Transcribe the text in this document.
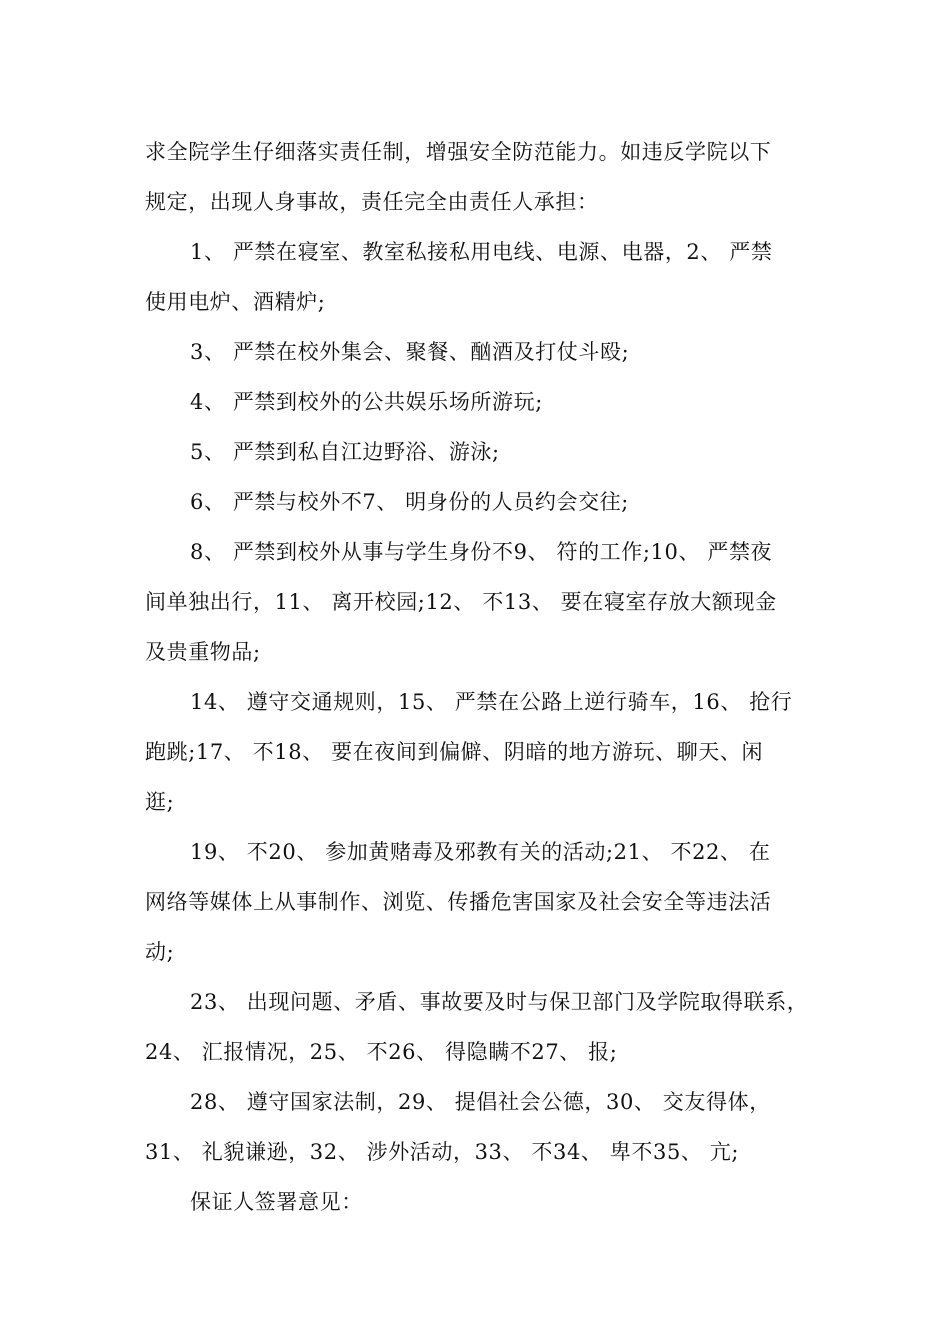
求全院学生仔细落实责任制，增强安全防范能力。如违反学院以下
规定，出现人身事故，责任完全由责任人承担：
1、 严禁在寝室、教室私接私用电线、电源、电器，2、 严禁
使用电炉、酒精炉;
3、 严禁在校外集会、聚餐、酗酒及打仗斗殴;
4、 严禁到校外的公共娱乐场所游玩;
5、 严禁到私自江边野浴、游泳;
6、 严禁与校外不7、 明身份的人员约会交往;
8、 严禁到校外从事与学生身份不9、 符的工作;10、 严禁夜
间单独出行，11、 离开校园;12、 不13、 要在寝室存放大额现金
及贵重物品;
14、 遵守交通规则，15、 严禁在公路上逆行骑车，16、 抢行
跑跳;17、 不18、 要在夜间到偏僻、阴暗的地方游玩、聊天、闲
逛;
19、 不20、 参加黄赌毒及邪教有关的活动;21、 不22、 在
网络等媒体上从事制作、浏览、传播危害国家及社会安全等违法活
动;
23、 出现问题、矛盾、事故要及时与保卫部门及学院取得联系，
24、 汇报情况，25、 不26、 得隐瞒不27、 报;
28、 遵守国家法制，29、 提倡社会公德，30、 交友得体，
31、 礼貌谦逊，32、 涉外活动，33、 不34、 卑不35、 亢;
保证人签署意见：
